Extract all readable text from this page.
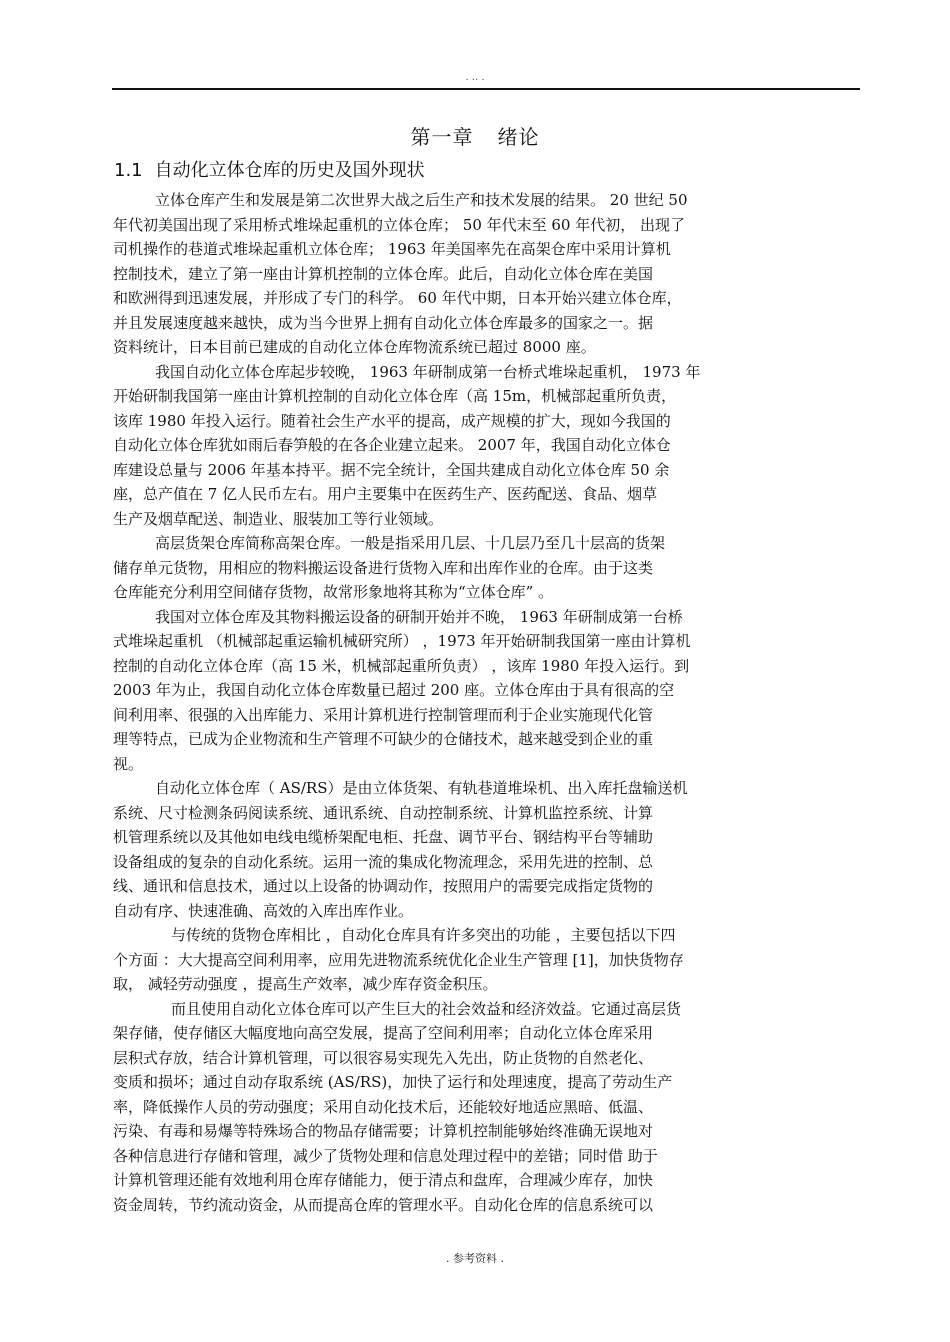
. .. .
第一章 绪论
1.1 自动化立体仓库的历史及国外现状
立体仓库产生和发展是第二次世界大战之后生产和技术发展的结果。 20 世纪 50
年代初美国出现了采用桥式堆垛起重机的立体仓库； 50 年代末至 60 年代初， 出现了
司机操作的巷道式堆垛起重机立体仓库； 1963 年美国率先在高架仓库中采用计算机
控制技术，建立了第一座由计算机控制的立体仓库。此后，自动化立体仓库在美国
和欧洲得到迅速发展，并形成了专门的科学。 60 年代中期，日本开始兴建立体仓库，
并且发展速度越来越快，成为当今世界上拥有自动化立体仓库最多的国家之一。据
资料统计，日本目前已建成的自动化立体仓库物流系统已超过 8000 座。
我国自动化立体仓库起步较晚， 1963 年研制成第一台桥式堆垛起重机， 1973 年
开始研制我国第一座由计算机控制的自动化立体仓库（高 15m，机械部起重所负责，
该库 1980 年投入运行。随着社会生产水平的提高，成产规模的扩大，现如今我国的
自动化立体仓库犹如雨后春笋般的在各企业建立起来。 2007 年，我国自动化立体仓
库建设总量与 2006 年基本持平。据不完全统计，全国共建成自动化立体仓库 50 余
座，总产值在 7 亿人民币左右。用户主要集中在医药生产、医药配送、食品、烟草
生产及烟草配送、制造业、服装加工等行业领域。
高层货架仓库简称高架仓库。一般是指采用几层、十几层乃至几十层高的货架
储存单元货物，用相应的物料搬运设备进行货物入库和出库作业的仓库。由于这类
仓库能充分利用空间储存货物，故常形象地将其称为“立体仓库” 。
我国对立体仓库及其物料搬运设备的研制开始并不晚， 1963 年研制成第一台桥
式堆垛起重机 （机械部起重运输机械研究所） ，1973 年开始研制我国第一座由计算机
控制的自动化立体仓库（高 15 米，机械部起重所负责） ，该库 1980 年投入运行。到
2003 年为止，我国自动化立体仓库数量已超过 200 座。立体仓库由于具有很高的空
间利用率、很强的入出库能力、采用计算机进行控制管理而利于企业实施现代化管
理等特点，已成为企业物流和生产管理不可缺少的仓储技术，越来越受到企业的重
视。
自动化立体仓库（ AS/RS）是由立体货架、有轨巷道堆垛机、出入库托盘输送机
系统、尺寸检测条码阅读系统、通讯系统、自动控制系统、计算机监控系统、计算
机管理系统以及其他如电线电缆桥架配电柜、托盘、调节平台、钢结构平台等辅助
设备组成的复杂的自动化系统。运用一流的集成化物流理念，采用先进的控制、总
线、通讯和信息技术，通过以上设备的协调动作，按照用户的需要完成指定货物的
自动有序、快速准确、高效的入库出库作业。
与传统的货物仓库相比 ，自动化仓库具有许多突出的功能 ，主要包括以下四
个方面 ：大大提高空间利用率，应用先进物流系统优化企业生产管理 [1]，加快货物存
取， 减轻劳动强度 ，提高生产效率，减少库存资金积压。
而且使用自动化立体仓库可以产生巨大的社会效益和经济效益。它通过高层货
架存储，使存储区大幅度地向高空发展，提高了空间利用率；自动化立体仓库采用
层积式存放，结合计算机管理，可以很容易实现先入先出，防止货物的自然老化、
变质和损坏；通过自动存取系统 (AS/RS)，加快了运行和处理速度，提高了劳动生产
率，降低操作人员的劳动强度；采用自动化技术后，还能较好地适应黑暗、低温、
污染、有毒和易爆等特殊场合的物品存储需要；计算机控制能够始终准确无误地对
各种信息进行存储和管理，减少了货物处理和信息处理过程中的差错；同时借 助于
计算机管理还能有效地利用仓库存储能力，便于清点和盘库，合理减少库存，加快
资金周转，节约流动资金，从而提高仓库的管理水平。自动化仓库的信息系统可以
. 参考资料 .
